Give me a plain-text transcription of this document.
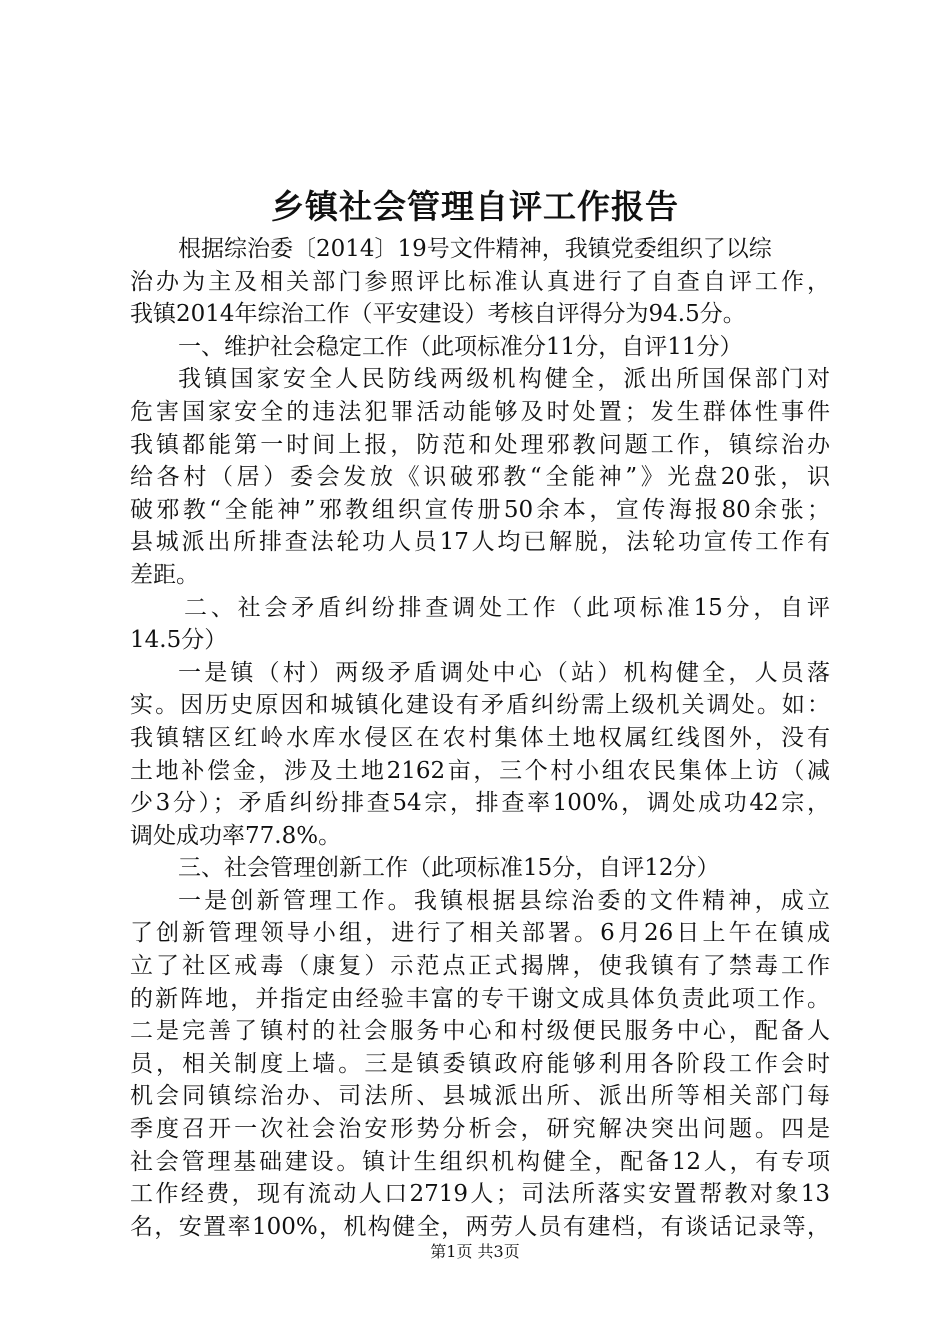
乡镇社会管理自评工作报告
根据综治委〔2014〕19号文件精神，我镇党委组织了以综
治办为主及相关部门参照评比标准认真进行了自查自评工作，
我镇2014年综治工作（平安建设）考核自评得分为94.5分。
一、维护社会稳定工作（此项标准分11分，自评11分）
我镇国家安全人民防线两级机构健全，派出所国保部门对
危害国家安全的违法犯罪活动能够及时处置；发生群体性事件
我镇都能第一时间上报，防范和处理邪教问题工作，镇综治办
给各村（居）委会发放《识破邪教“全能神”》光盘20张，识
破邪教“全能神”邪教组织宣传册50余本，宣传海报80余张；
县城派出所排查法轮功人员17人均已解脱，法轮功宣传工作有
差距。
二、社会矛盾纠纷排查调处工作（此项标准15分，自评
14.5分）
一是镇（村）两级矛盾调处中心（站）机构健全，人员落
实。因历史原因和城镇化建设有矛盾纠纷需上级机关调处。如：
我镇辖区红岭水库水侵区在农村集体土地权属红线图外，没有
土地补偿金，涉及土地2162亩，三个村小组农民集体上访（减
少3分）；矛盾纠纷排查54宗，排查率100%，调处成功42宗，
调处成功率77.8%。
三、社会管理创新工作（此项标准15分，自评12分）
一是创新管理工作。我镇根据县综治委的文件精神，成立
了创新管理领导小组，进行了相关部署。6月26日上午在镇成
立了社区戒毒（康复）示范点正式揭牌，使我镇有了禁毒工作
的新阵地，并指定由经验丰富的专干谢文成具体负责此项工作。
二是完善了镇村的社会服务中心和村级便民服务中心，配备人
员，相关制度上墙。三是镇委镇政府能够利用各阶段工作会时
机会同镇综治办、司法所、县城派出所、派出所等相关部门每
季度召开一次社会治安形势分析会，研究解决突出问题。四是
社会管理基础建设。镇计生组织机构健全，配备12人，有专项
工作经费，现有流动人口2719人；司法所落实安置帮教对象13
名，安置率100%，机构健全，两劳人员有建档，有谈话记录等，
第1页 共3页
